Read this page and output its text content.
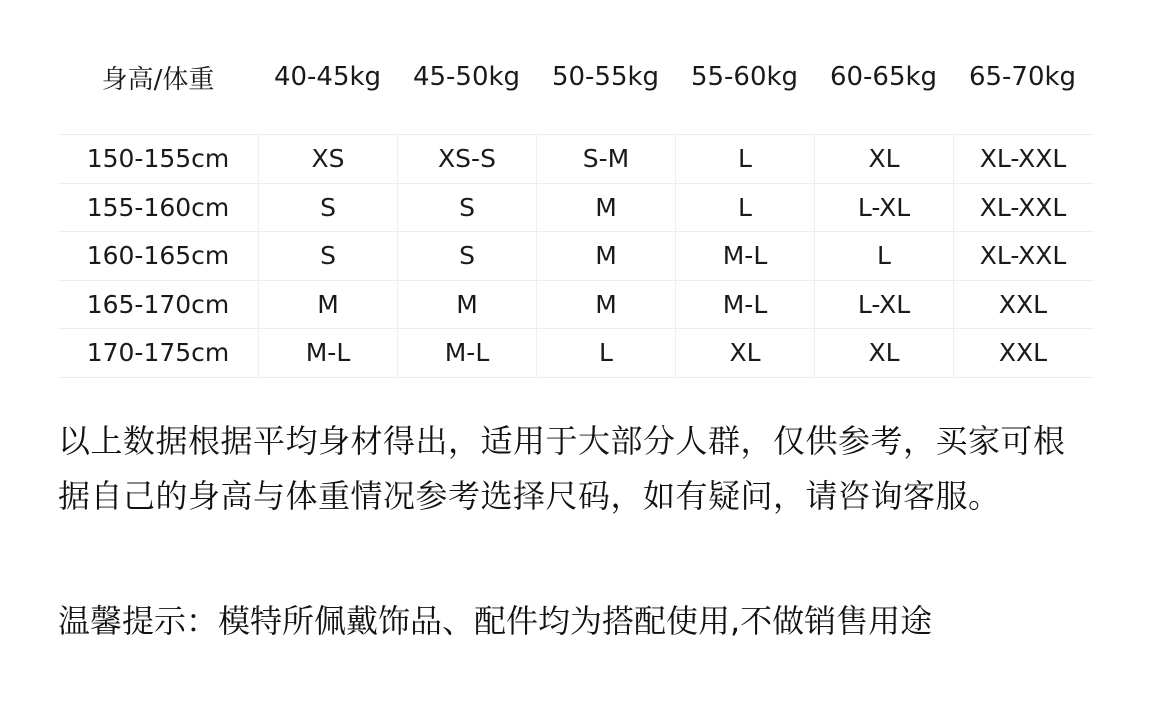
身高/体重	40-45kg	45-50kg	50-55kg	55-60kg	60-65kg	65-70kg
150-155cm	XS	XS-S	S-M	L	XL	XL-XXL
155-160cm	S	S	M	L	L-XL	XL-XXL
160-165cm	S	S	M	M-L	L	XL-XXL
165-170cm	M	M	M	M-L	L-XL	XXL
170-175cm	M-L	M-L	L	XL	XL	XXL
以上数据根据平均身材得出，适用于大部分人群，仅供参考，买家可根据自己的身高与体重情况参考选择尺码，如有疑问，请咨询客服。
温馨提示：模特所佩戴饰品、配件均为搭配使用,不做销售用途
